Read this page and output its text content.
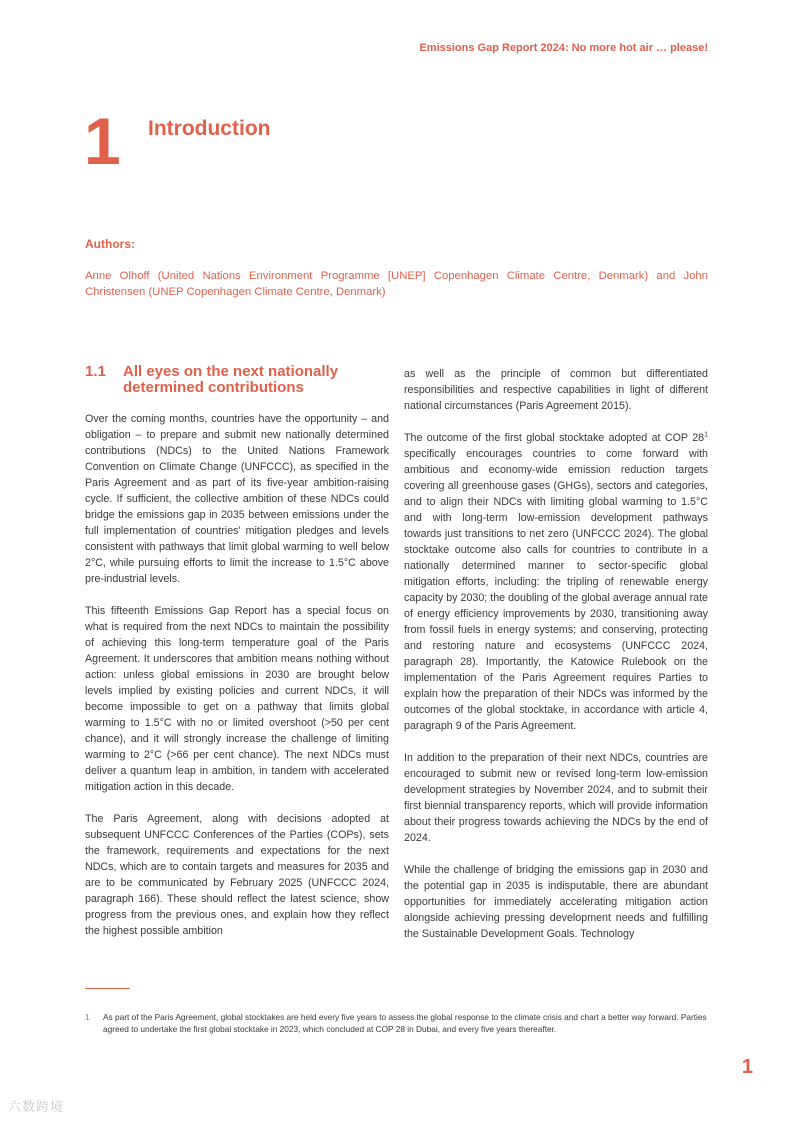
Emissions Gap Report 2024: No more hot air … please!
1 Introduction
Authors:
Anne Olhoff (United Nations Environment Programme [UNEP] Copenhagen Climate Centre, Denmark) and John Christensen (UNEP Copenhagen Climate Centre, Denmark)
1.1	All eyes on the next nationally determined contributions

Over the coming months, countries have the opportunity – and obligation – to prepare and submit new nationally determined contributions (NDCs) to the United Nations Framework Convention on Climate Change (UNFCCC), as specified in the Paris Agreement and as part of its five-year ambition-raising cycle. If sufficient, the collective ambition of these NDCs could bridge the emissions gap in 2035 between emissions under the full implementation of countries' mitigation pledges and levels consistent with pathways that limit global warming to well below 2°C, while pursuing efforts to limit the increase to 1.5°C above pre-industrial levels.

This fifteenth Emissions Gap Report has a special focus on what is required from the next NDCs to maintain the possibility of achieving this long-term temperature goal of the Paris Agreement. It underscores that ambition means nothing without action: unless global emissions in 2030 are brought below levels implied by existing policies and current NDCs, it will become impossible to get on a pathway that limits global warming to 1.5°C with no or limited overshoot (>50 per cent chance), and it will strongly increase the challenge of limiting warming to 2°C (>66 per cent chance). The next NDCs must deliver a quantum leap in ambition, in tandem with accelerated mitigation action in this decade.

The Paris Agreement, along with decisions adopted at subsequent UNFCCC Conferences of the Parties (COPs), sets the framework, requirements and expectations for the next NDCs, which are to contain targets and measures for 2035 and are to be communicated by February 2025 (UNFCCC 2024, paragraph 166). These should reflect the latest science, show progress from the previous ones, and explain how they reflect the highest possible ambition

as well as the principle of common but differentiated responsibilities and respective capabilities in light of different national circumstances (Paris Agreement 2015).

The outcome of the first global stocktake adopted at COP $28^1$ specifically encourages countries to come forward with ambitious and economy-wide emission reduction targets covering all greenhouse gases (GHGs), sectors and categories, and to align their NDCs with limiting global warming to 1.5°C and with long-term low-emission development pathways towards just transitions to net zero (UNFCCC 2024). The global stocktake outcome also calls for countries to contribute in a nationally determined manner to sector-specific global mitigation efforts, including: the tripling of renewable energy capacity by 2030; the doubling of the global average annual rate of energy efficiency improvements by 2030, transitioning away from fossil fuels in energy systems; and conserving, protecting and restoring nature and ecosystems (UNFCCC 2024, paragraph 28). Importantly, the Katowice Rulebook on the implementation of the Paris Agreement requires Parties to explain how the preparation of their NDCs was informed by the outcomes of the global stocktake, in accordance with article 4, paragraph 9 of the Paris Agreement.

In addition to the preparation of their next NDCs, countries are encouraged to submit new or revised long-term low-emission development strategies by November 2024, and to submit their first biennial transparency reports, which will provide information about their progress towards achieving the NDCs by the end of 2024.

While the challenge of bridging the emissions gap in 2030 and the potential gap in 2035 is indisputable, there are abundant opportunities for immediately accelerating mitigation action alongside achieving pressing development needs and fulfilling the Sustainable Development Goals. Technology

1	As part of the Paris Agreement, global stocktakes are held every five years to assess the global response to the climate crisis and chart a better way forward. Parties agreed to undertake the first global stocktake in 2023, which concluded at COP 28 in Dubai, and every five years thereafter.
1
六数跨境
